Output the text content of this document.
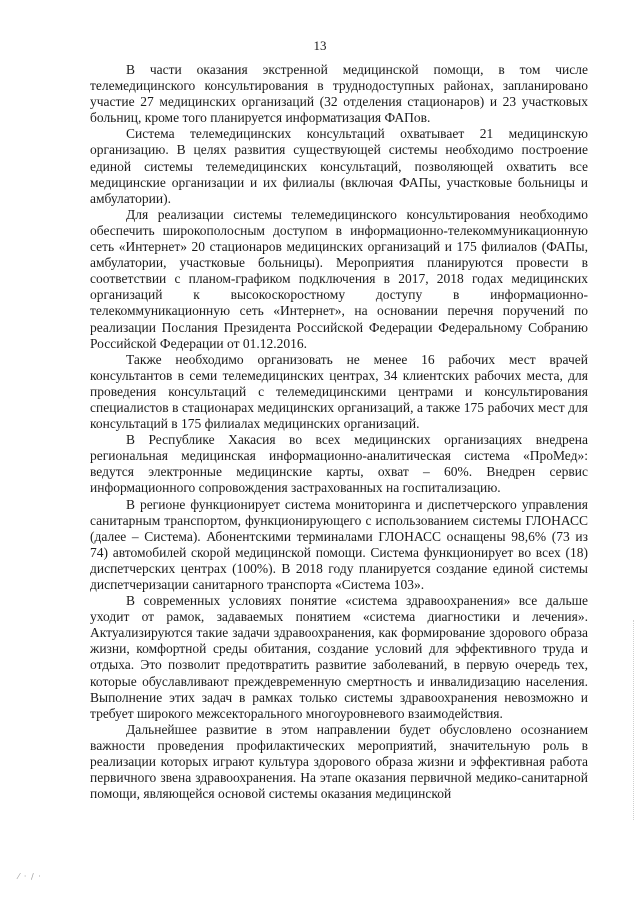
13

В части оказания экстренной медицинской помощи, в том числе телемедицинского консультирования в труднодоступных районах, запланировано участие 27 медицинских организаций (32 отделения стационаров) и 23 участковых больниц, кроме того планируется информатизация ФАПов.

Система телемедицинских консультаций охватывает 21 медицинскую организацию. В целях развития существующей системы необходимо построение единой системы телемедицинских консультаций, позволяющей охватить все медицинские организации и их филиалы (включая ФАПы, участковые больницы и амбулатории).

Для реализации системы телемедицинского консультирования необходимо обеспечить широкополосным доступом в информационно-телекоммуникационную сеть «Интернет» 20 стационаров медицинских организаций и 175 филиалов (ФАПы, амбулатории, участковые больницы). Мероприятия планируются провести в соответствии с планом-графиком подключения в 2017, 2018 годах медицинских организаций к высокоскоростному доступу в информационно-телекоммуникационную сеть «Интернет», на основании перечня поручений по реализации Послания Президента Российской Федерации Федеральному Собранию Российской Федерации от 01.12.2016.

Также необходимо организовать не менее 16 рабочих мест врачей консультантов в семи телемедицинских центрах, 34 клиентских рабочих места, для проведения консультаций с телемедицинскими центрами и консультирования специалистов в стационарах медицинских организаций, а также 175 рабочих мест для консультаций в 175 филиалах медицинских организаций.

В Республике Хакасия во всех медицинских организациях внедрена региональная медицинская информационно-аналитическая система «ПроМед»: ведутся электронные медицинские карты, охват – 60%. Внедрен сервис информационного сопровождения застрахованных на госпитализацию.

В регионе функционирует система мониторинга и диспетчерского управления санитарным транспортом, функционирующего с использованием системы ГЛОНАСС (далее – Система). Абонентскими терминалами ГЛОНАСС оснащены 98,6% (73 из 74) автомобилей скорой медицинской помощи. Система функционирует во всех (18) диспетчерских центрах (100%). В 2018 году планируется создание единой системы диспетчеризации санитарного транспорта «Система 103».

В современных условиях понятие «система здравоохранения» все дальше уходит от рамок, задаваемых понятием «система диагностики и лечения». Актуализируются такие задачи здравоохранения, как формирование здорового образа жизни, комфортной среды обитания, создание условий для эффективного труда и отдыха. Это позволит предотвратить развитие заболеваний, в первую очередь тех, которые обуславливают преждевременную смертность и инвалидизацию населения. Выполнение этих задач в рамках только системы здравоохранения невозможно и требует широкого межсекторального многоуровневого взаимодействия.

Дальнейшее развитие в этом направлении будет обусловлено осознанием важности проведения профилактических мероприятий, значительную роль в реализации которых играют культура здорового образа жизни и эффективная работа первичного звена здравоохранения. На этапе оказания первичной медико-санитарной помощи, являющейся основой системы оказания медицинской

⁄ · ∕ ·
